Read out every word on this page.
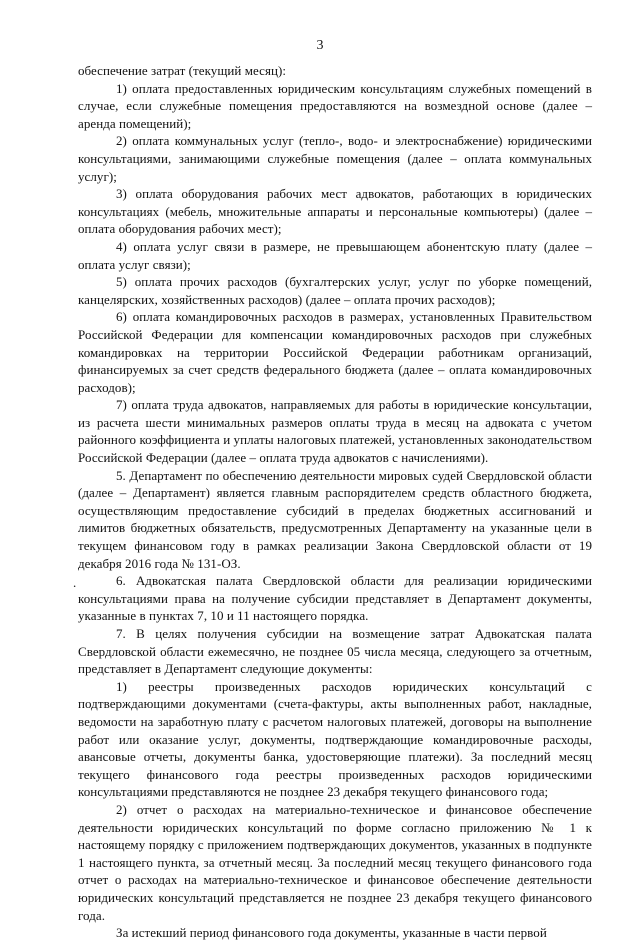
3

обеспечение затрат (текущий месяц):

1) оплата предоставленных юридическим консультациям служебных помещений в случае, если служебные помещения предоставляются на возмездной основе (далее – аренда помещений);

2) оплата коммунальных услуг (тепло-, водо- и электроснабжение) юридическими консультациями, занимающими служебные помещения (далее – оплата коммунальных услуг);

3) оплата оборудования рабочих мест адвокатов, работающих в юридических консультациях (мебель, множительные аппараты и персональные компьютеры) (далее – оплата оборудования рабочих мест);

4) оплата услуг связи в размере, не превышающем абонентскую плату (далее – оплата услуг связи);

5) оплата прочих расходов (бухгалтерских услуг, услуг по уборке помещений, канцелярских, хозяйственных расходов) (далее – оплата прочих расходов);

6) оплата командировочных расходов в размерах, установленных Правительством Российской Федерации для компенсации командировочных расходов при служебных командировках на территории Российской Федерации работникам организаций, финансируемых за счет средств федерального бюджета (далее – оплата командировочных расходов);

7) оплата труда адвокатов, направляемых для работы в юридические консультации, из расчета шести минимальных размеров оплаты труда в месяц на адвоката с учетом районного коэффициента и уплаты налоговых платежей, установленных законодательством Российской Федерации (далее – оплата труда адвокатов с начислениями).

5. Департамент по обеспечению деятельности мировых судей Свердловской области (далее – Департамент) является главным распорядителем средств областного бюджета, осуществляющим предоставление субсидий в пределах бюджетных ассигнований и лимитов бюджетных обязательств, предусмотренных Департаменту на указанные цели в текущем финансовом году в рамках реализации Закона Свердловской области от 19 декабря 2016 года № 131-ОЗ.

.	6. Адвокатская палата Свердловской области для реализации юридическими консультациями права на получение субсидии представляет в Департамент документы, указанные в пунктах 7, 10 и 11 настоящего порядка.

7. В целях получения субсидии на возмещение затрат Адвокатская палата Свердловской области ежемесячно, не позднее 05 числа месяца, следующего за отчетным, представляет в Департамент следующие документы:

1) реестры произведенных расходов юридических консультаций с подтверждающими документами (счета-фактуры, акты выполненных работ, накладные, ведомости на заработную плату с расчетом налоговых платежей, договоры на выполнение работ или оказание услуг, документы, подтверждающие командировочные расходы, авансовые отчеты, документы банка, удостоверяющие платежи). За последний месяц текущего финансового года реестры произведенных расходов юридическими консультациями представляются не позднее 23 декабря текущего финансового года;

2) отчет о расходах на материально-техническое и финансовое обеспечение деятельности юридических консультаций по форме согласно приложению № 1 к настоящему порядку с приложением подтверждающих документов, указанных в подпункте 1 настоящего пункта, за отчетный месяц. За последний месяц текущего финансового года отчет о расходах на материально-техническое и финансовое обеспечение деятельности юридических консультаций представляется не позднее 23 декабря текущего финансового года.

За истекший период финансового года документы, указанные в части первой
